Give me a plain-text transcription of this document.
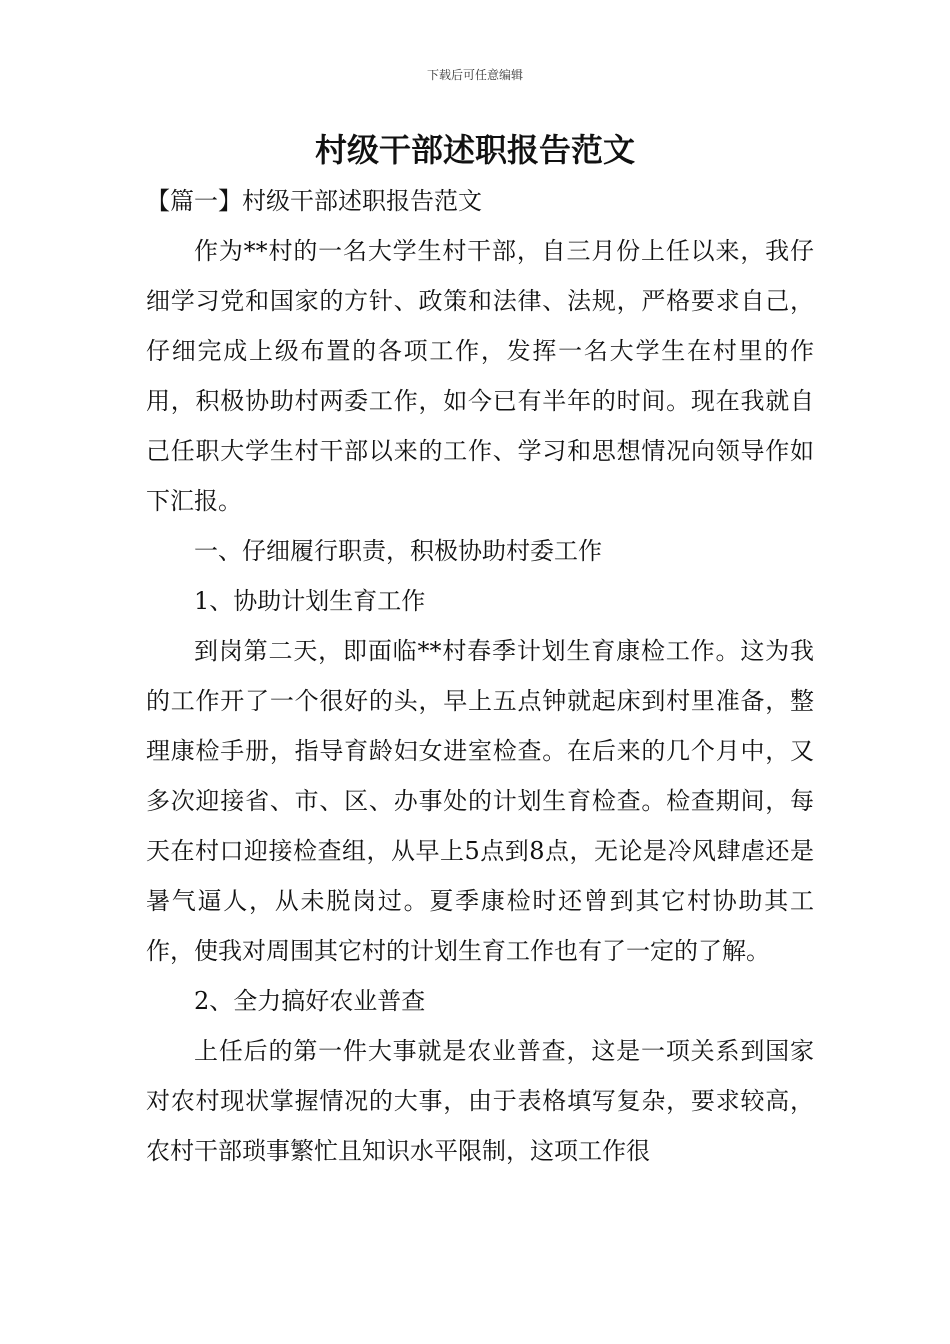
下载后可任意编辑
村级干部述职报告范文

【篇一】村级干部述职报告范文

作为**村的一名大学生村干部，自三月份上任以来，我仔细学习党和国家的方针、政策和法律、法规，严格要求自己，仔细完成上级布置的各项工作，发挥一名大学生在村里的作用，积极协助村两委工作，如今已有半年的时间。现在我就自己任职大学生村干部以来的工作、学习和思想情况向领导作如下汇报。

一、仔细履行职责，积极协助村委工作

1、协助计划生育工作

到岗第二天，即面临**村春季计划生育康检工作。这为我的工作开了一个很好的头，早上五点钟就起床到村里准备，整理康检手册，指导育龄妇女进室检查。在后来的几个月中，又多次迎接省、市、区、办事处的计划生育检查。检查期间，每天在村口迎接检查组，从早上5点到8点，无论是冷风肆虐还是暑气逼人，从未脱岗过。夏季康检时还曾到其它村协助其工作，使我对周围其它村的计划生育工作也有了一定的了解。

2、全力搞好农业普查

上任后的第一件大事就是农业普查，这是一项关系到国家对农村现状掌握情况的大事，由于表格填写复杂，要求较高，农村干部琐事繁忙且知识水平限制，这项工作很
